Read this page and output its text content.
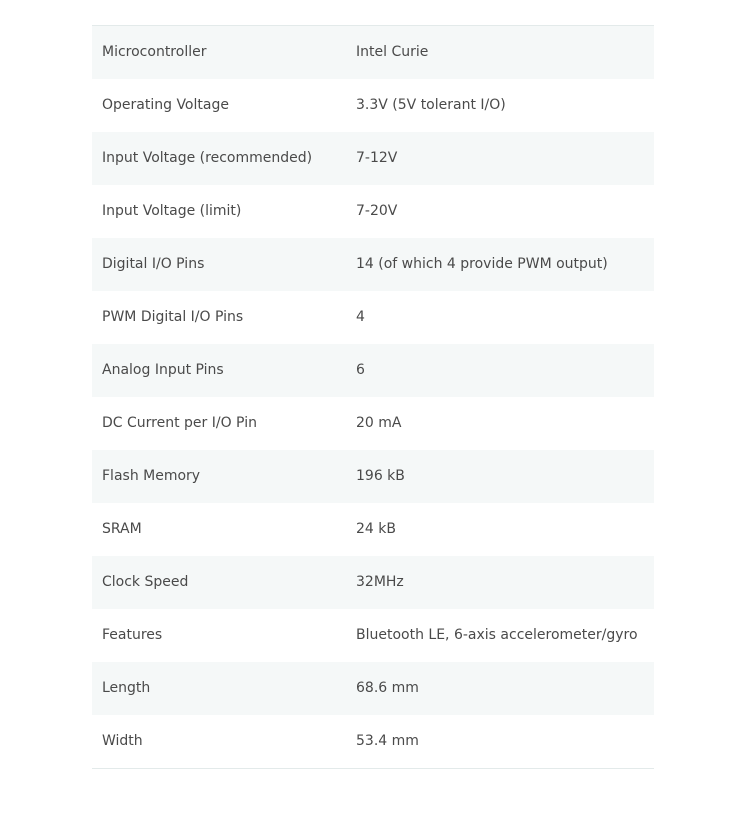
Microcontroller	Intel Curie
Operating Voltage	3.3V (5V tolerant I/O)
Input Voltage (recommended)	7-12V
Input Voltage (limit)	7-20V
Digital I/O Pins	14 (of which 4 provide PWM output)
PWM Digital I/O Pins	4
Analog Input Pins	6
DC Current per I/O Pin	20 mA
Flash Memory	196 kB
SRAM	24 kB
Clock Speed	32MHz
Features	Bluetooth LE, 6-axis accelerometer/gyro
Length	68.6 mm
Width	53.4 mm
